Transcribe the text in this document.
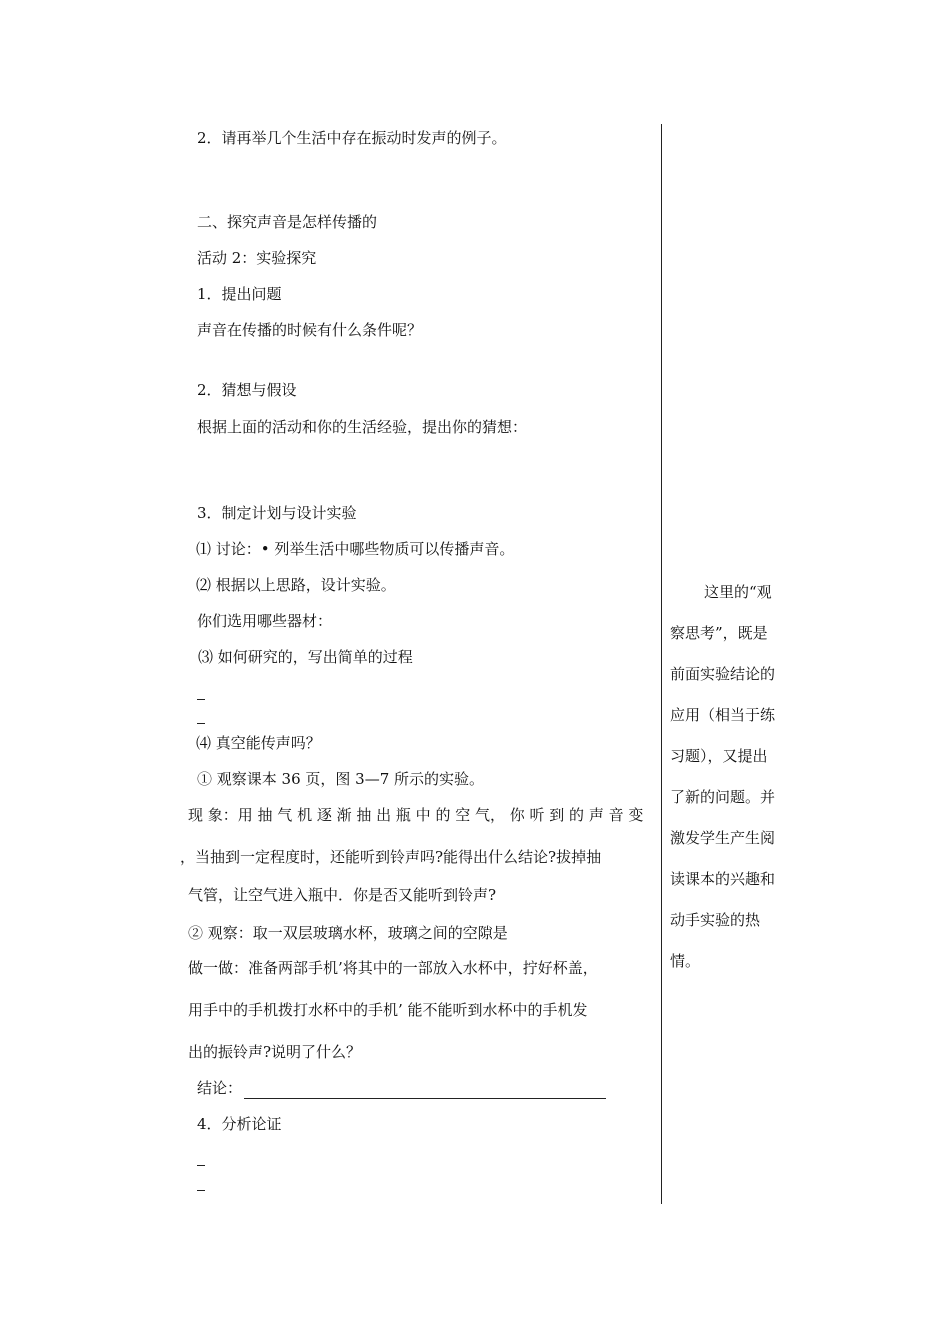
2．请再举几个生活中存在振动时发声的例子。
二、探究声音是怎样传播的
活动 2：实验探究
1．提出问题
声音在传播的时候有什么条件呢？
2．猜想与假设
根据上面的活动和你的生活经验，提出你的猜想：
3．制定计划与设计实验
⑴ 讨论：• 列举生活中哪些物质可以传播声音。
⑵ 根据以上思路，设计实验。
你们选用哪些器材：
⑶ 如何研究的，写出简单的过程
⑷ 真空能传声吗？
① 观察课本 36 页，图 3—7 所示的实验。
现 象：用 抽 气 机 逐 渐 抽 出 瓶 中 的 空 气， 你 听 到 的 声 音 变
，当抽到一定程度时，还能听到铃声吗?能得出什么结论?拔掉抽
气管，让空气进入瓶中．你是否又能听到铃声?
② 观察：取一双层玻璃水杯，玻璃之间的空隙是
做一做：准备两部手机’将其中的一部放入水杯中，拧好杯盖，
用手中的手机拨打水杯中的手机’ 能不能听到水杯中的手机发
出的振铃声?说明了什么？
结论：
4．分析论证
这里的“观
察思考”，既是
前面实验结论的
应用（相当于练
习题），又提出
了新的问题。并
激发学生产生阅
读课本的兴趣和
动手实验的热
情。
